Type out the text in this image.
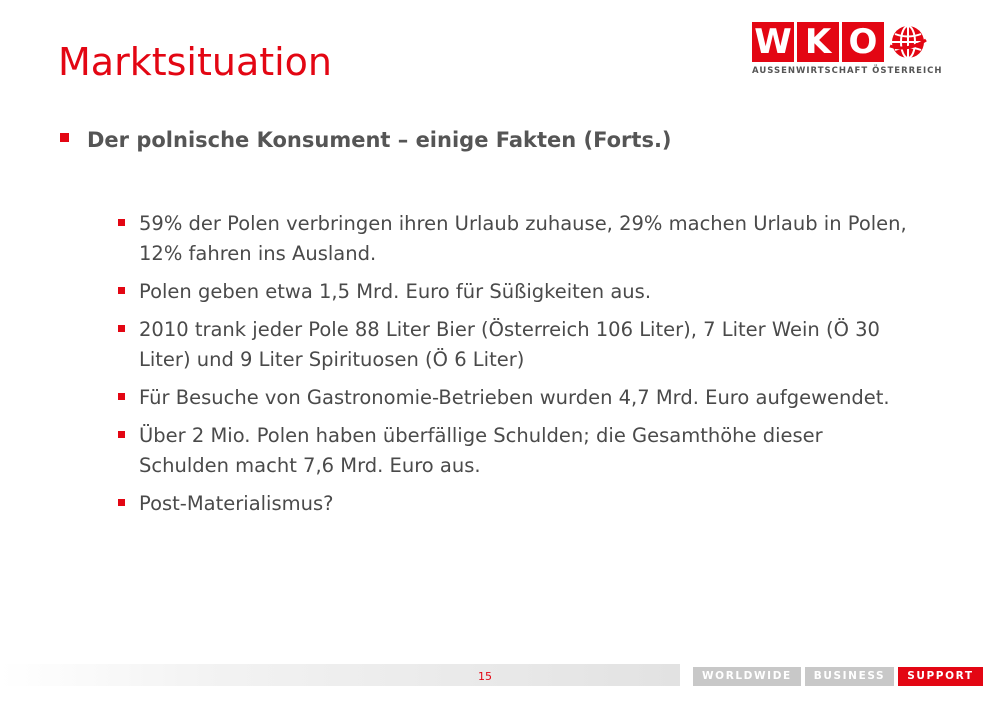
Marktsituation	W K O
AUSSENWIRTSCHAFT ÖSTERREICH
Der polnische Konsument – einige Fakten (Forts.)
59% der Polen verbringen ihren Urlaub zuhause, 29% machen Urlaub in Polen, 12% fahren ins Ausland.
Polen geben etwa 1,5 Mrd. Euro für Süßigkeiten aus.
2010 trank jeder Pole 88 Liter Bier (Österreich 106 Liter), 7 Liter Wein (Ö 30 Liter) und 9 Liter Spirituosen (Ö 6 Liter)
Für Besuche von Gastronomie-Betrieben wurden 4,7 Mrd. Euro aufgewendet.
Über 2 Mio. Polen haben überfällige Schulden; die Gesamthöhe dieser Schulden macht 7,6 Mrd. Euro aus.
Post-Materialismus?
15	WORLDWIDE	BUSINESS	SUPPORT
